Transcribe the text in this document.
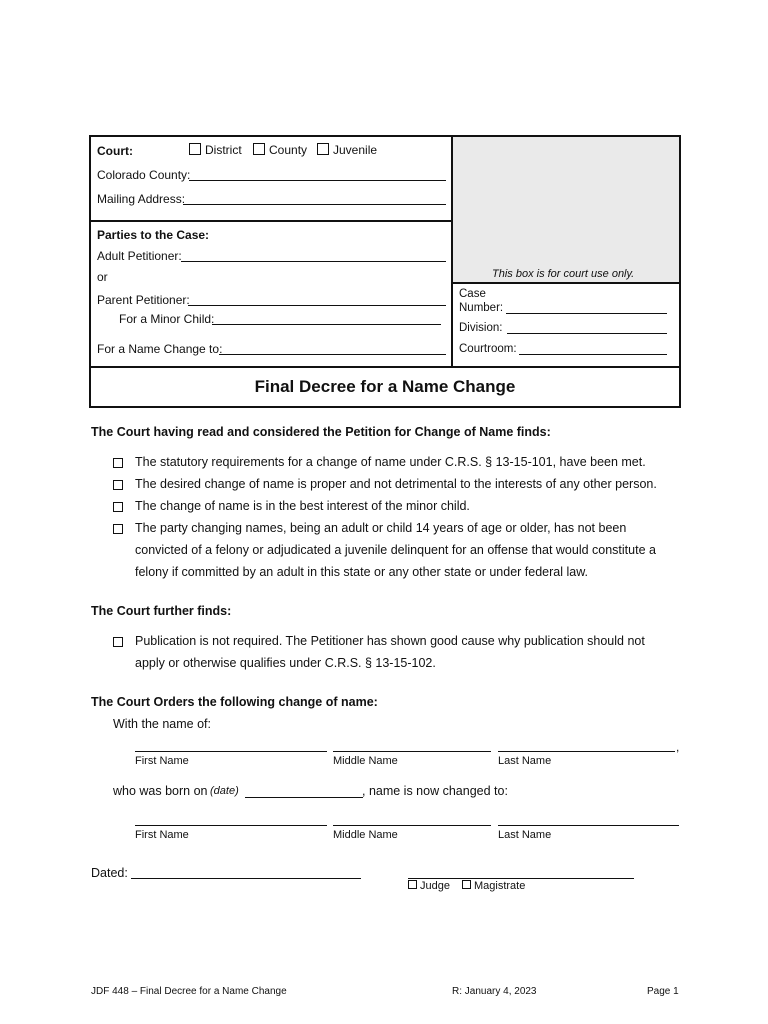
Court:	District	County	Juvenile
Colorado County:
Mailing Address:
Parties to the Case:
Adult Petitioner:
or
Parent Petitioner:
For a Minor Child:
For a Name Change to:
This box is for court use only.
Case
Number:
Division:
Courtroom:
Final Decree for a Name Change
The Court having read and considered the Petition for Change of Name finds:
The statutory requirements for a change of name under C.R.S. § 13-15-101, have been met.
The desired change of name is proper and not detrimental to the interests of any other person.
The change of name is in the best interest of the minor child.
The party changing names, being an adult or child 14 years of age or older, has not been convicted of a felony or adjudicated a juvenile delinquent for an offense that would constitute a felony if committed by an adult in this state or any other state or under federal law.
The Court further finds:
Publication is not required. The Petitioner has shown good cause why publication should not apply or otherwise qualifies under C.R.S. § 13-15-102.
The Court Orders the following change of name:
With the name of:
,
First Name	Middle Name	Last Name
who was born on (date)	, name is now changed to:
First Name	Middle Name	Last Name
Dated:
Judge	Magistrate
JDF 448 – Final Decree for a Name Change	R: January 4, 2023	Page 1
